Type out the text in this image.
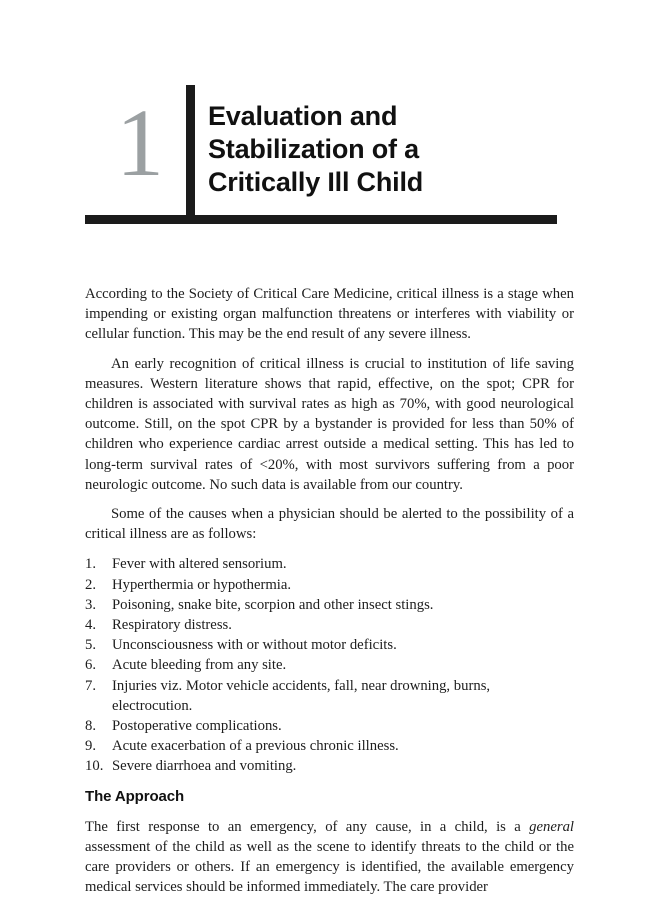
1	Evaluation and
Stabilization of a
Critically Ill Child

According to the Society of Critical Care Medicine, critical illness is a stage when impending or existing organ malfunction threatens or interferes with viability or cellular function. This may be the end result of any severe illness.

An early recognition of critical illness is crucial to institution of life saving measures. Western literature shows that rapid, effective, on the spot; CPR for children is associated with survival rates as high as 70%, with good neurological outcome. Still, on the spot CPR by a bystander is provided for less than 50% of children who experience cardiac arrest outside a medical setting. This has led to long-term survival rates of <20%, with most survivors suffering from a poor neurologic outcome. No such data is available from our country.

Some of the causes when a physician should be alerted to the possibility of a critical illness are as follows:

1.	Fever with altered sensorium.
2.	Hyperthermia or hypothermia.
3.	Poisoning, snake bite, scorpion and other insect stings.
4.	Respiratory distress.
5.	Unconsciousness with or without motor deficits.
6.	Acute bleeding from any site.
7.	Injuries viz. Motor vehicle accidents, fall, near drowning, burns, electrocution.
8.	Postoperative complications.
9.	Acute exacerbation of a previous chronic illness.
10. Severe diarrhoea and vomiting.
The Approach

The first response to an emergency, of any cause, in a child, is a general assessment of the child as well as the scene to identify threats to the child or the care providers or others. If an emergency is identified, the available emergency medical services should be informed immediately. The care provider
